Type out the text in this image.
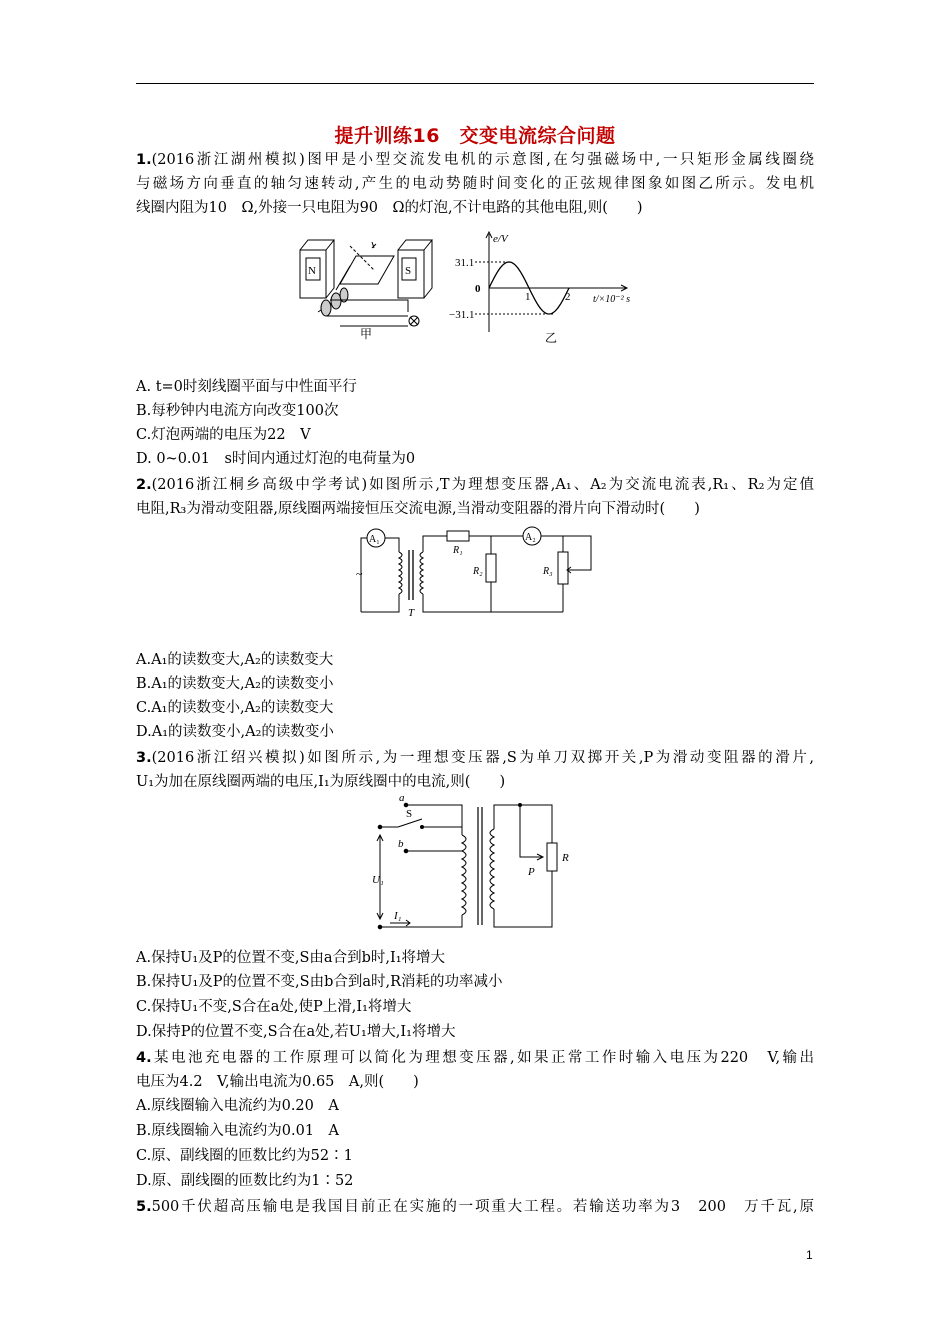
提升训练16　交变电流综合问题
1.(2016浙江湖州模拟)图甲是小型交流发电机的示意图,在匀强磁场中,一只矩形金属线圈绕
与磁场方向垂直的轴匀速转动,产生的电动势随时间变化的正弦规律图象如图乙所示。发电机
线圈内阻为10　Ω,外接一只电阻为90　Ω的灯泡,不计电路的其他电阻,则(　　)
N	S
甲
e/V
31.1
−31.1
0
1	2 t/×10⁻² s
乙
A. t=0时刻线圈平面与中性面平行
B.每秒钟内电流方向改变100次
C.灯泡两端的电压为22　V
D. 0~0.01　s时间内通过灯泡的电荷量为0
2.(2016浙江桐乡高级中学考试)如图所示,T为理想变压器,A₁、A₂为交流电流表,R₁、R₂为定值
电阻,R₃为滑动变阻器,原线圈两端接恒压交流电源,当滑动变阻器的滑片向下滑动时(　　)
A₁	A₂
~
R₁
R₂	R₃
T
A.A₁的读数变大,A₂的读数变大
B.A₁的读数变大,A₂的读数变小
C.A₁的读数变小,A₂的读数变大
D.A₁的读数变小,A₂的读数变小
3.(2016浙江绍兴模拟)如图所示,为一理想变压器,S为单刀双掷开关,P为滑动变阻器的滑片,
U₁为加在原线圈两端的电压,I₁为原线圈中的电流,则(　　)
a
S
b
U₁
I₁
P
R
A.保持U₁及P的位置不变,S由a合到b时,I₁将增大
B.保持U₁及P的位置不变,S由b合到a时,R消耗的功率减小
C.保持U₁不变,S合在a处,使P上滑,I₁将增大
D.保持P的位置不变,S合在a处,若U₁增大,I₁将增大
4.某电池充电器的工作原理可以简化为理想变压器,如果正常工作时输入电压为220　V,输出
电压为4.2　V,输出电流为0.65　A,则(　　)
A.原线圈输入电流约为0.20　A
B.原线圈输入电流约为0.01　A
C.原、副线圈的匝数比约为52∶1
D.原、副线圈的匝数比约为1∶52
5.500千伏超高压输电是我国目前正在实施的一项重大工程。若输送功率为3　200　万千瓦,原
1
